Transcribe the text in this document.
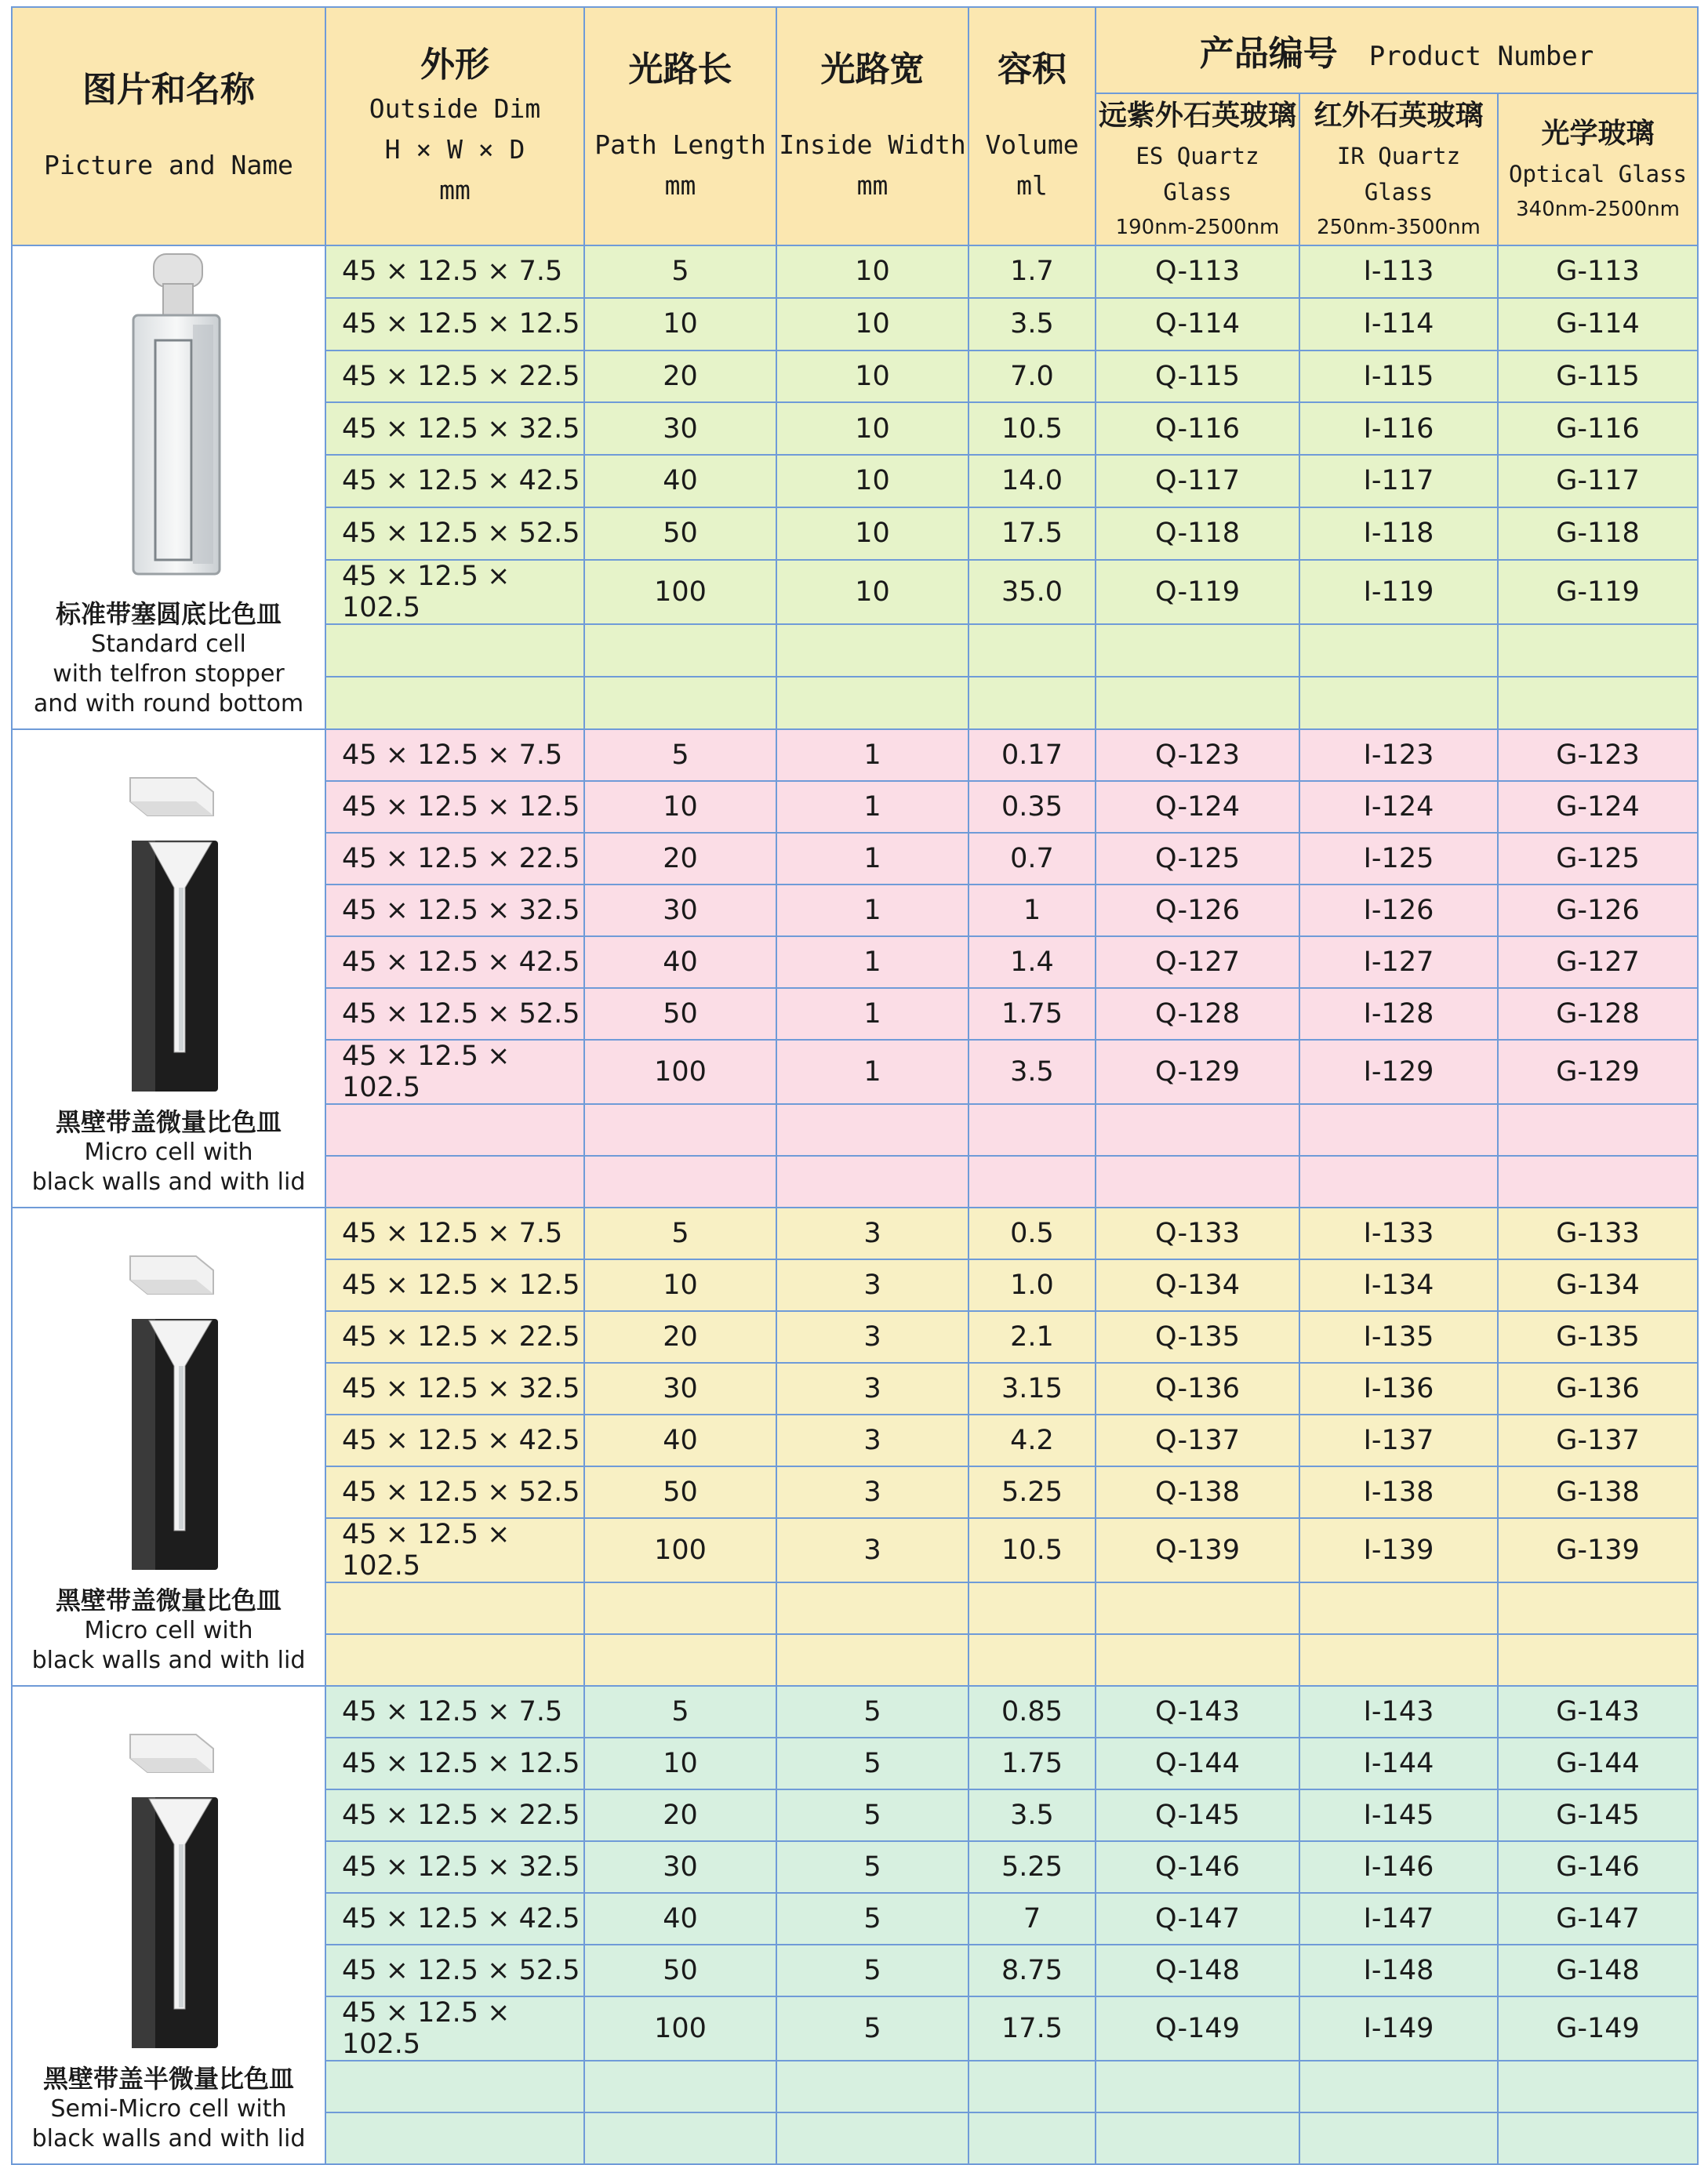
图片和名称
Picture and Name	外形
Outside Dim
H × W × D
mm	光路长
Path Length
mm	光路宽
Inside Width
mm	容积
Volume
ml	产品编号 Product Number		

					远紫外石英玻璃
ES Quartz Glass
190nm-2500nm	红外石英玻璃
IR Quartz Glass
250nm-3500nm	光学玻璃
Optical Glass
340nm-2500nm

标准带塞圆底比色皿
Standard cell
with telfron stopper
and with round bottom	45 × 12.5 × 7.5	5	10	1.7	Q-113	I-113	G-113
	45 × 12.5 × 12.5	10	10	3.5	Q-114	I-114	G-114
	45 × 12.5 × 22.5	20	10	7.0	Q-115	I-115	G-115
	45 × 12.5 × 32.5	30	10	10.5	Q-116	I-116	G-116
	45 × 12.5 × 42.5	40	10	14.0	Q-117	I-117	G-117
	45 × 12.5 × 52.5	50	10	17.5	Q-118	I-118	G-118
	45 × 12.5 × 102.5	100	10	35.0	Q-119	I-119	G-119

黑壁带盖微量比色皿
Micro cell with
black walls and with lid	45 × 12.5 × 7.5	5	1	0.17	Q-123	I-123	G-123
	45 × 12.5 × 12.5	10	1	0.35	Q-124	I-124	G-124
	45 × 12.5 × 22.5	20	1	0.7	Q-125	I-125	G-125
	45 × 12.5 × 32.5	30	1	1	Q-126	I-126	G-126
	45 × 12.5 × 42.5	40	1	1.4	Q-127	I-127	G-127
	45 × 12.5 × 52.5	50	1	1.75	Q-128	I-128	G-128
	45 × 12.5 × 102.5	100	1	3.5	Q-129	I-129	G-129

黑壁带盖微量比色皿
Micro cell with
black walls and with lid	45 × 12.5 × 7.5	5	3	0.5	Q-133	I-133	G-133
	45 × 12.5 × 12.5	10	3	1.0	Q-134	I-134	G-134
	45 × 12.5 × 22.5	20	3	2.1	Q-135	I-135	G-135
	45 × 12.5 × 32.5	30	3	3.15	Q-136	I-136	G-136
	45 × 12.5 × 42.5	40	3	4.2	Q-137	I-137	G-137
	45 × 12.5 × 52.5	50	3	5.25	Q-138	I-138	G-138
	45 × 12.5 × 102.5	100	3	10.5	Q-139	I-139	G-139

黑壁带盖半微量比色皿
Semi-Micro cell with
black walls and with lid	45 × 12.5 × 7.5	5	5	0.85	Q-143	I-143	G-143
	45 × 12.5 × 12.5	10	5	1.75	Q-144	I-144	G-144
	45 × 12.5 × 22.5	20	5	3.5	Q-145	I-145	G-145
	45 × 12.5 × 32.5	30	5	5.25	Q-146	I-146	G-146
	45 × 12.5 × 42.5	40	5	7	Q-147	I-147	G-147
	45 × 12.5 × 52.5	50	5	8.75	Q-148	I-148	G-148
	45 × 12.5 × 102.5	100	5	17.5	Q-149	I-149	G-149
